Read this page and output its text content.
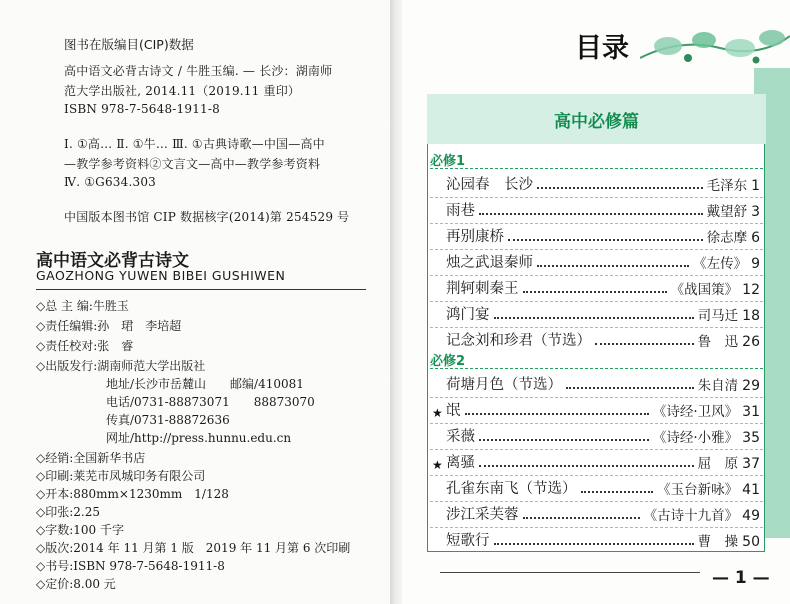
图书在版编目(CIP)数据
高中语文必背古诗文 / 牛胜玉编. — 长沙：湖南师
范大学出版社, 2014.11（2019.11 重印）
ISBN 978-7-5648-1911-8
Ⅰ. ①高… Ⅱ. ①牛… Ⅲ. ①古典诗歌—中国—高中
—教学参考资料②文言文—高中—教学参考资料
Ⅳ. ①G634.303
中国版本图书馆 CIP 数据核字(2014)第 254529 号
高中语文必背古诗文
GAOZHONG YUWEN BIBEI GUSHIWEN
◇总 主 编:牛胜玉
◇责任编辑:孙　珺　李培超
◇责任校对:张　睿
◇出版发行:湖南师范大学出版社
地址/长沙市岳麓山　　邮编/410081
电话/0731-88873071　　88873070
传真/0731-88872636
网址/http://press.hunnu.edu.cn
◇经销:全国新华书店
◇印刷:莱芜市凤城印务有限公司
◇开本:880mm×1230mm　1/128
◇印张:2.25
◇字数:100 千字
◇版次:2014 年 11 月第 1 版　2019 年 11 月第 6 次印刷
◇书号:ISBN 978-7-5648-1911-8
◇定价:8.00 元
目录
高中必修篇
必修1
沁园春　长沙	毛泽东 1
雨巷	戴望舒 3
再别康桥	徐志摩 6
烛之武退秦师	《左传》 9
荆轲刺秦王	《战国策》 12
鸿门宴	司马迁 18
记念刘和珍君（节选）	鲁　迅 26
必修2
荷塘月色（节选）	朱自清 29
★ 氓	《诗经·卫风》 31
采薇	《诗经·小雅》 35
★ 离骚	屈　原 37
孔雀东南飞（节选）	《玉台新咏》 41
涉江采芙蓉	《古诗十九首》 49
短歌行	曹　操 50
— 1 —
